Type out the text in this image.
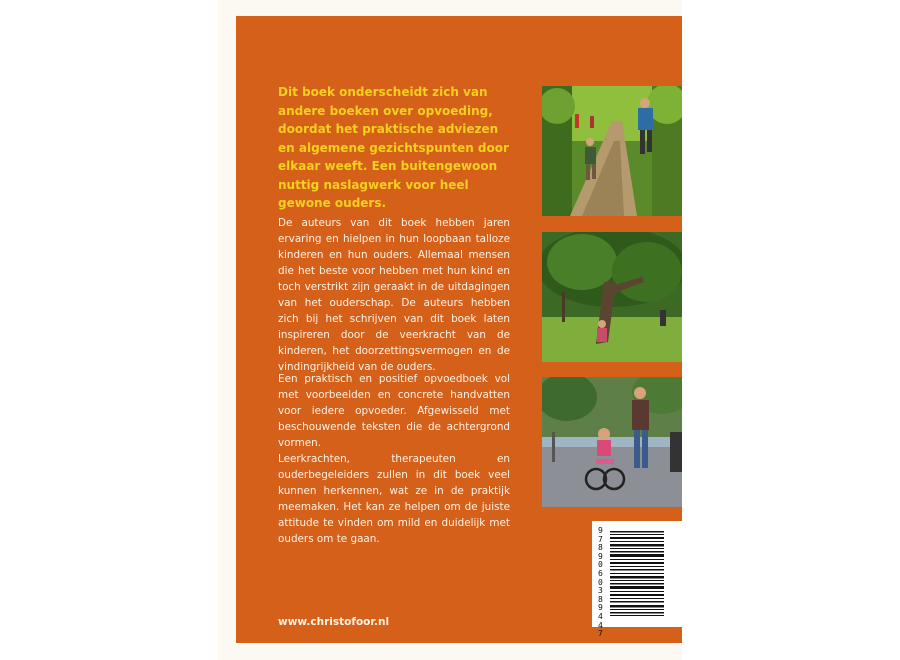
Dit boek onderscheidt zich van andere boeken over opvoeding, doordat het praktische adviezen en algemene gezichtspunten door elkaar weeft. Een buitengewoon nuttig naslagwerk voor heel gewone ouders.

De auteurs van dit boek hebben jaren ervaring en hielpen in hun loopbaan talloze kinderen en hun ouders. Allemaal mensen die het beste voor hebben met hun kind en toch verstrikt zijn geraakt in de uitdagingen van het ouderschap. De auteurs hebben zich bij het schrijven van dit boek laten inspireren door de veerkracht van de kinderen, het doorzettingsvermogen en de vindingrijkheid van de ouders.

Een praktisch en positief opvoedboek vol met voorbeelden en concrete handvatten voor iedere opvoeder. Afgewisseld met beschouwende teksten die de achtergrond vormen.

Leerkrachten, therapeuten en ouderbegeleiders zullen in dit boek veel kunnen herkennen, wat ze in de praktijk meemaken. Het kan ze helpen om de juiste attitude te vinden om mild en duidelijk met ouders om te gaan.

www.christofoor.nl

9789060389447
